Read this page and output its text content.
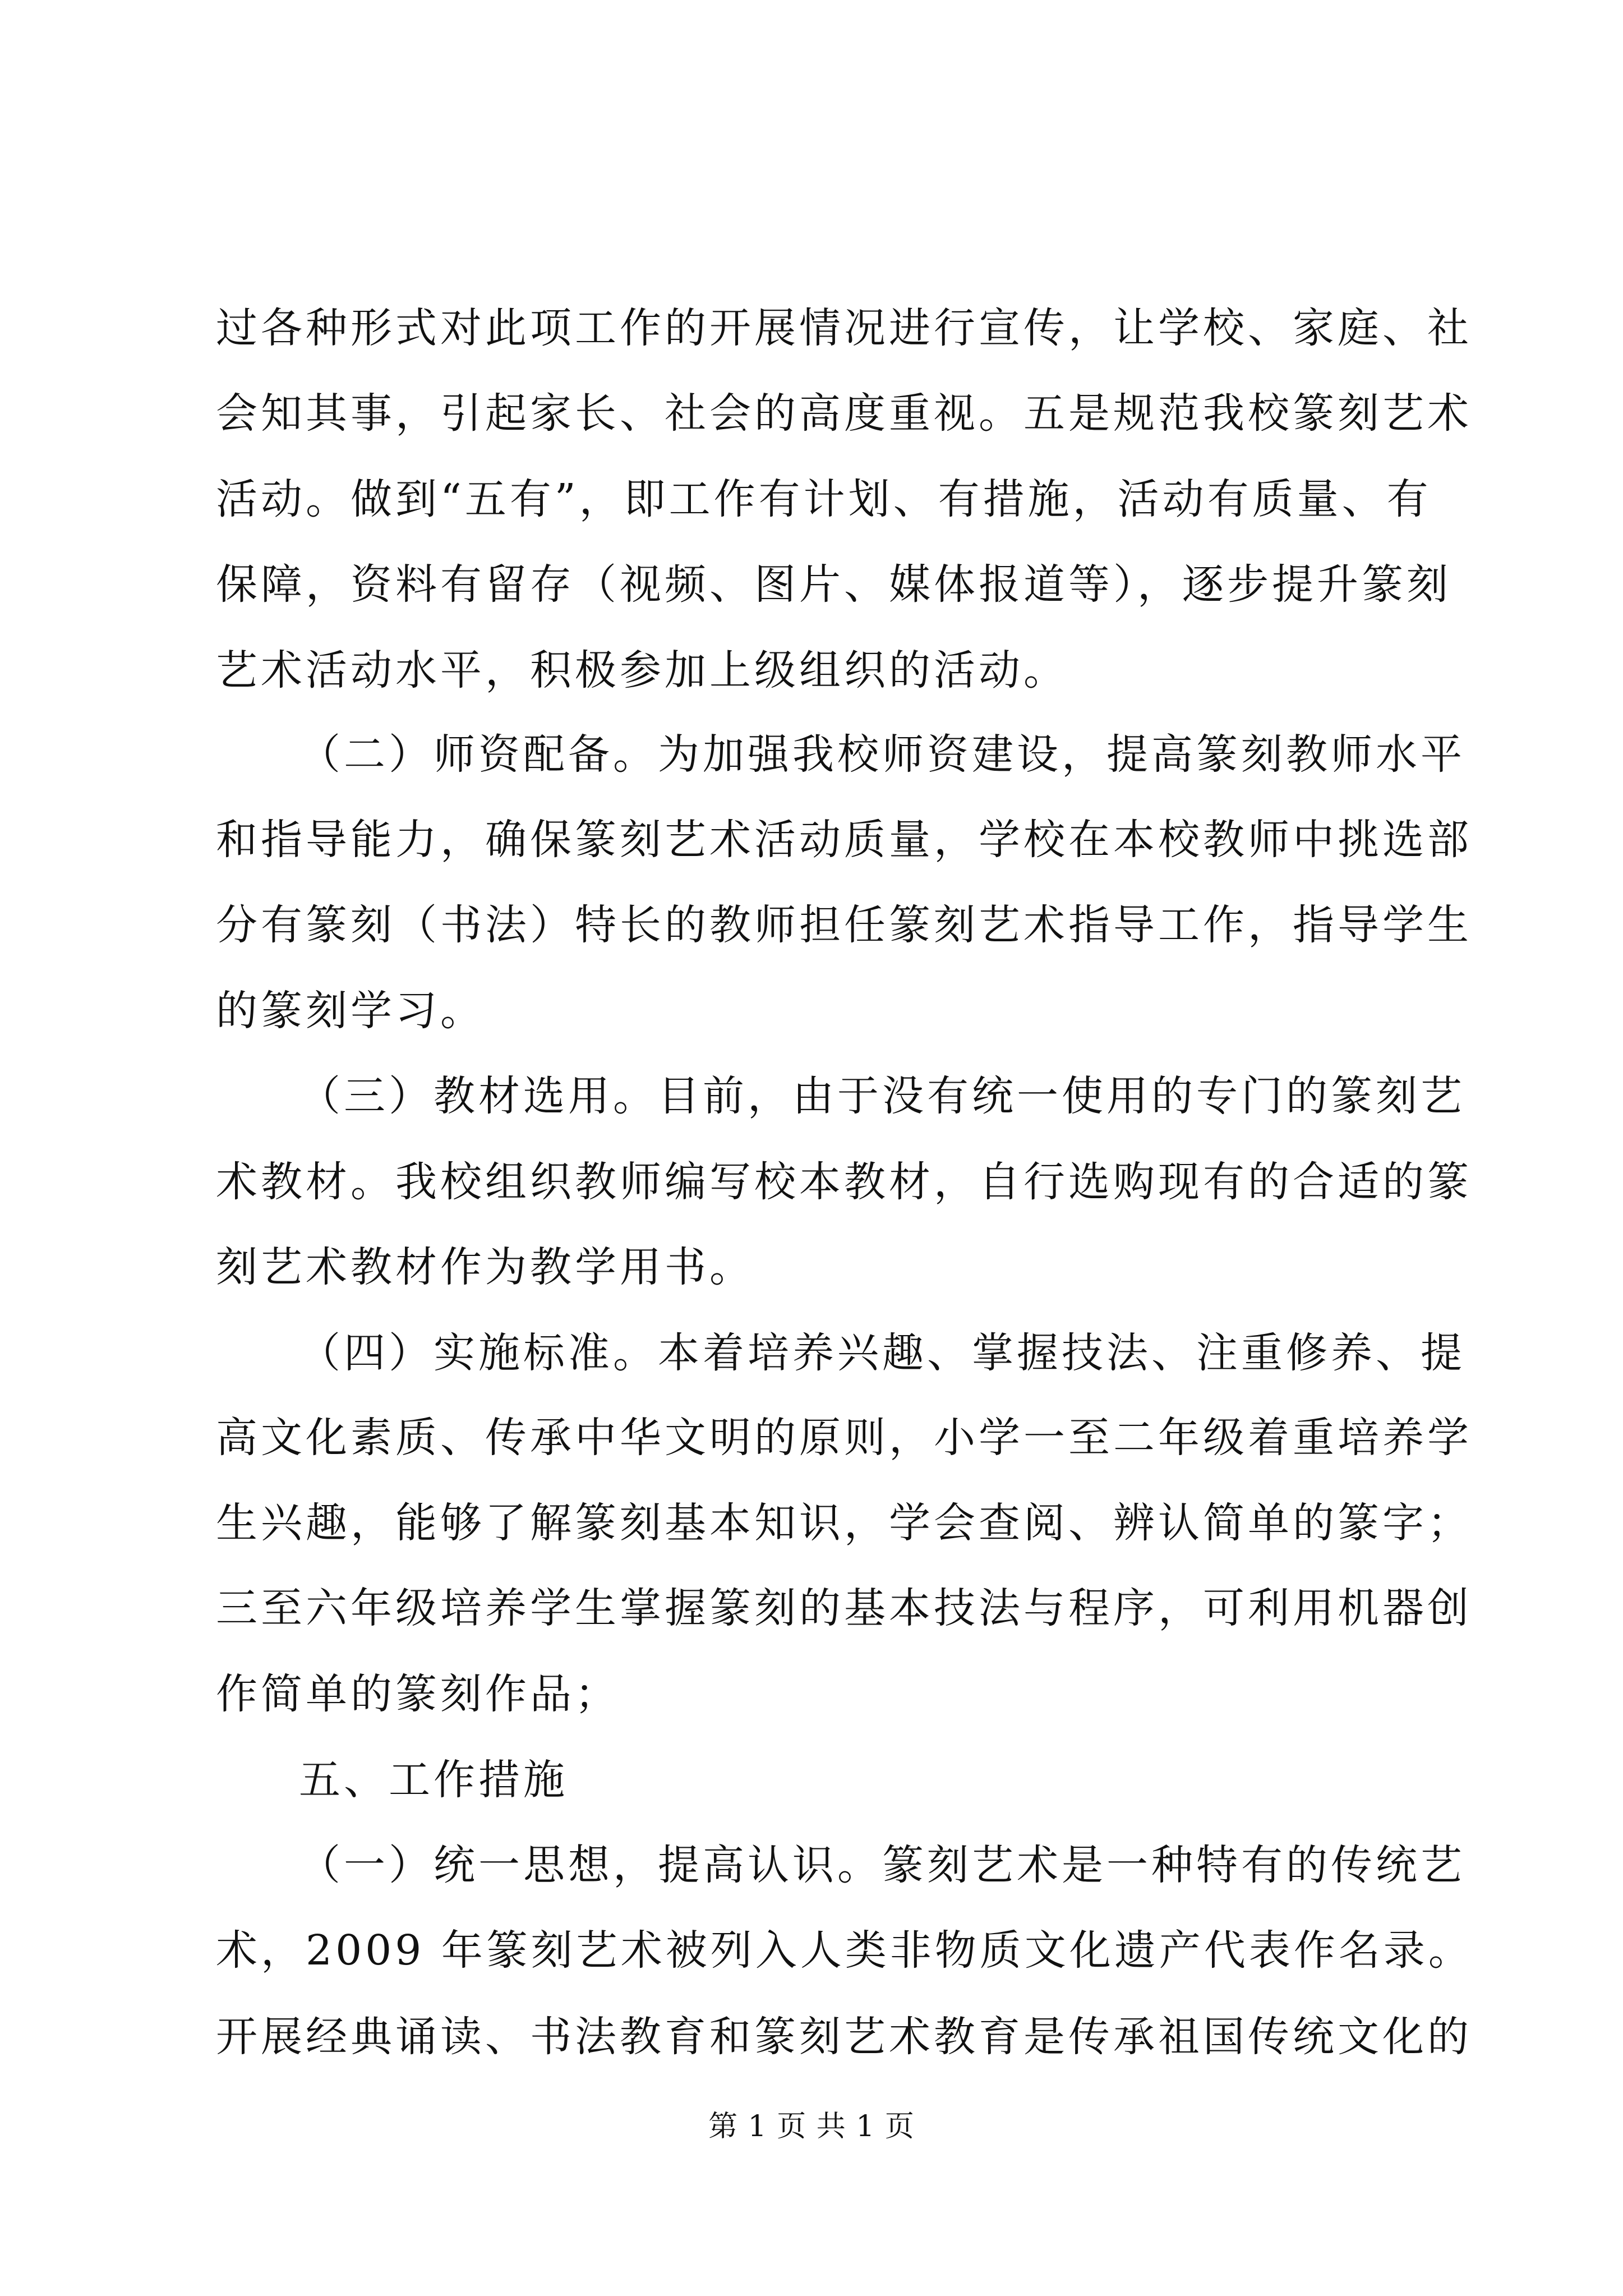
过各种形式对此项工作的开展情况进行宣传，让学校、家庭、社
会知其事，引起家长、社会的高度重视。五是规范我校篆刻艺术
活动。做到“五有”，即工作有计划、有措施，活动有质量、有
保障，资料有留存（视频、图片、媒体报道等），逐步提升篆刻
艺术活动水平，积极参加上级组织的活动。
（二）师资配备。为加强我校师资建设，提高篆刻教师水平
和指导能力，确保篆刻艺术活动质量，学校在本校教师中挑选部
分有篆刻（书法）特长的教师担任篆刻艺术指导工作，指导学生
的篆刻学习。
（三）教材选用。目前，由于没有统一使用的专门的篆刻艺
术教材。我校组织教师编写校本教材，自行选购现有的合适的篆
刻艺术教材作为教学用书。
（四）实施标准。本着培养兴趣、掌握技法、注重修养、提
高文化素质、传承中华文明的原则，小学一至二年级着重培养学
生兴趣，能够了解篆刻基本知识，学会查阅、辨认简单的篆字；
三至六年级培养学生掌握篆刻的基本技法与程序，可利用机器创
作简单的篆刻作品；
五、工作措施
（一）统一思想，提高认识。篆刻艺术是一种特有的传统艺
术，2009 年篆刻艺术被列入人类非物质文化遗产代表作名录。
开展经典诵读、书法教育和篆刻艺术教育是传承祖国传统文化的
第 1 页 共 1 页
